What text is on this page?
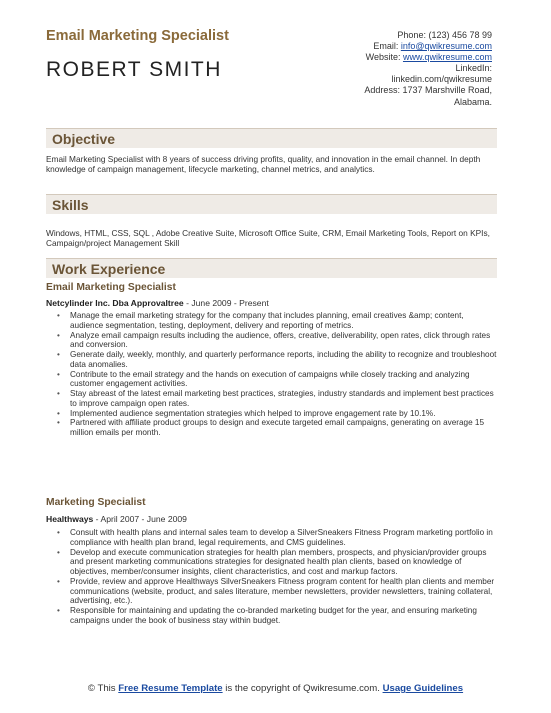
Email Marketing Specialist
ROBERT SMITH
Phone: (123) 456 78 99
Email: info@qwikresume.com
Website: www.qwikresume.com
LinkedIn:
linkedin.com/qwikresume
Address: 1737 Marshville Road,
Alabama.
Objective
Email Marketing Specialist with 8 years of success driving profits, quality, and innovation in the email channel. In depth knowledge of campaign management, lifecycle marketing, channel metrics, and analytics.
Skills
Windows, HTML, CSS, SQL , Adobe Creative Suite, Microsoft Office Suite, CRM, Email Marketing Tools, Report on KPIs, Campaign/project Management Skill
Work Experience
Email Marketing Specialist
Netcylinder Inc. Dba Approvaltree - June 2009 - Present
• Manage the email marketing strategy for the company that includes planning, email creatives &amp; content, audience segmentation, testing, deployment, delivery and reporting of metrics.
• Analyze email campaign results including the audience, offers, creative, deliverability, open rates, click through rates and conversion.
• Generate daily, weekly, monthly, and quarterly performance reports, including the ability to recognize and troubleshoot data anomalies.
• Contribute to the email strategy and the hands on execution of campaigns while closely tracking and analyzing customer engagement activities.
• Stay abreast of the latest email marketing best practices, strategies, industry standards and implement best practices to improve campaign open rates.
• Implemented audience segmentation strategies which helped to improve engagement rate by 10.1%.
• Partnered with affiliate product groups to design and execute targeted email campaigns, generating on average 15 million emails per month.
Marketing Specialist
Healthways - April 2007 - June 2009
• Consult with health plans and internal sales team to develop a SilverSneakers Fitness Program marketing portfolio in compliance with health plan brand, legal requirements, and CMS guidelines.
• Develop and execute communication strategies for health plan members, prospects, and physician/provider groups and present marketing communications strategies for designated health plan clients, based on knowledge of objectives, member/consumer insights, client characteristics, and cost and markup factors.
• Provide, review and approve Healthways SilverSneakers Fitness program content for health plan clients and member communications (website, product, and sales literature, member newsletters, provider newsletters, training collateral, advertising, etc.).
• Responsible for maintaining and updating the co-branded marketing budget for the year, and ensuring marketing campaigns under the book of business stay within budget.
© This Free Resume Template is the copyright of Qwikresume.com. Usage Guidelines
